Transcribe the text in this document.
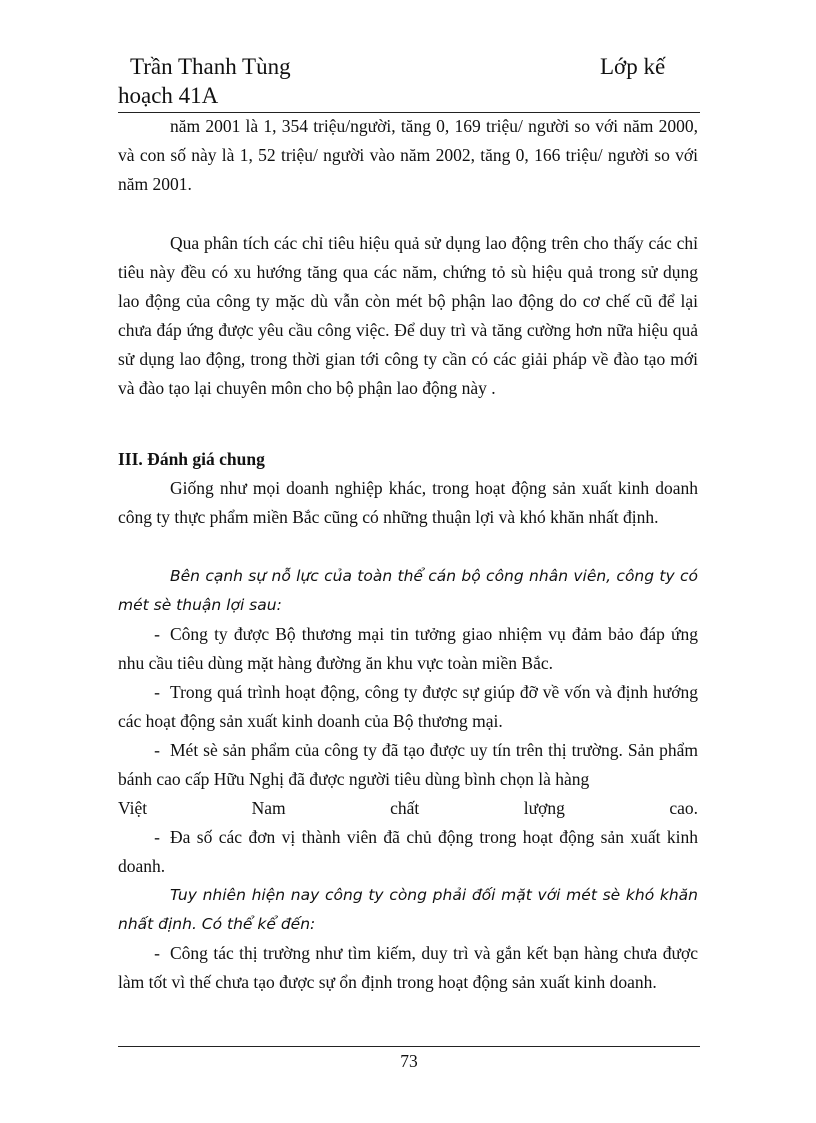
Trần Thanh Tùng	Lớp kế
hoạch 41A

năm 2001 là 1, 354 triệu/người, tăng 0, 169 triệu/ người so với năm 2000, và con số này là 1, 52 triệu/ người vào năm 2002, tăng 0, 166 triệu/ người so với năm 2001.

Qua phân tích các chỉ tiêu hiệu quả sử dụng lao động trên cho thấy các chỉ tiêu này đều có xu hướng tăng qua các năm, chứng tỏ sù hiệu quả trong sử dụng lao động của công ty mặc dù vẫn còn mét bộ phận lao động do cơ chế cũ để lại chưa đáp ứng được yêu cầu công việc. Để duy trì và tăng cường hơn nữa hiệu quả sử dụng lao động, trong thời gian tới công ty cần có các giải pháp về đào tạo mới và đào tạo lại chuyên môn cho bộ phận lao động này .

III. Đánh giá chung

Giống như mọi doanh nghiệp khác, trong hoạt động sản xuất kinh doanh công ty thực phẩm miền Bắc cũng có những thuận lợi và khó khăn nhất định.

Bên cạnh sự nỗ lực của toàn thể cán bộ công nhân viên, công ty có mét sè thuận lợi sau:

- Công ty được Bộ thương mại tin tưởng giao nhiệm vụ đảm bảo đáp ứng nhu cầu tiêu dùng mặt hàng đường ăn khu vực toàn miền Bắc.

- Trong quá trình hoạt động, công ty được sự giúp đỡ về vốn và định hướng các hoạt động sản xuất kinh doanh của Bộ thương mại.

- Mét sè sản phẩm của công ty đã tạo được uy tín trên thị trường. Sản phẩm bánh cao cấp Hữu Nghị đã được người tiêu dùng bình chọn là hàng

Việt	Nam	chất	lượng	cao.

- Đa số các đơn vị thành viên đã chủ động trong hoạt động sản xuất kinh doanh.

Tuy nhiên hiện nay công ty còng phải đối mặt với mét sè khó khăn nhất định. Có thể kể đến:

- Công tác thị trường như tìm kiếm, duy trì và gắn kết bạn hàng chưa được làm tốt vì thế chưa tạo được sự ổn định trong hoạt động sản xuất kinh doanh.

73
